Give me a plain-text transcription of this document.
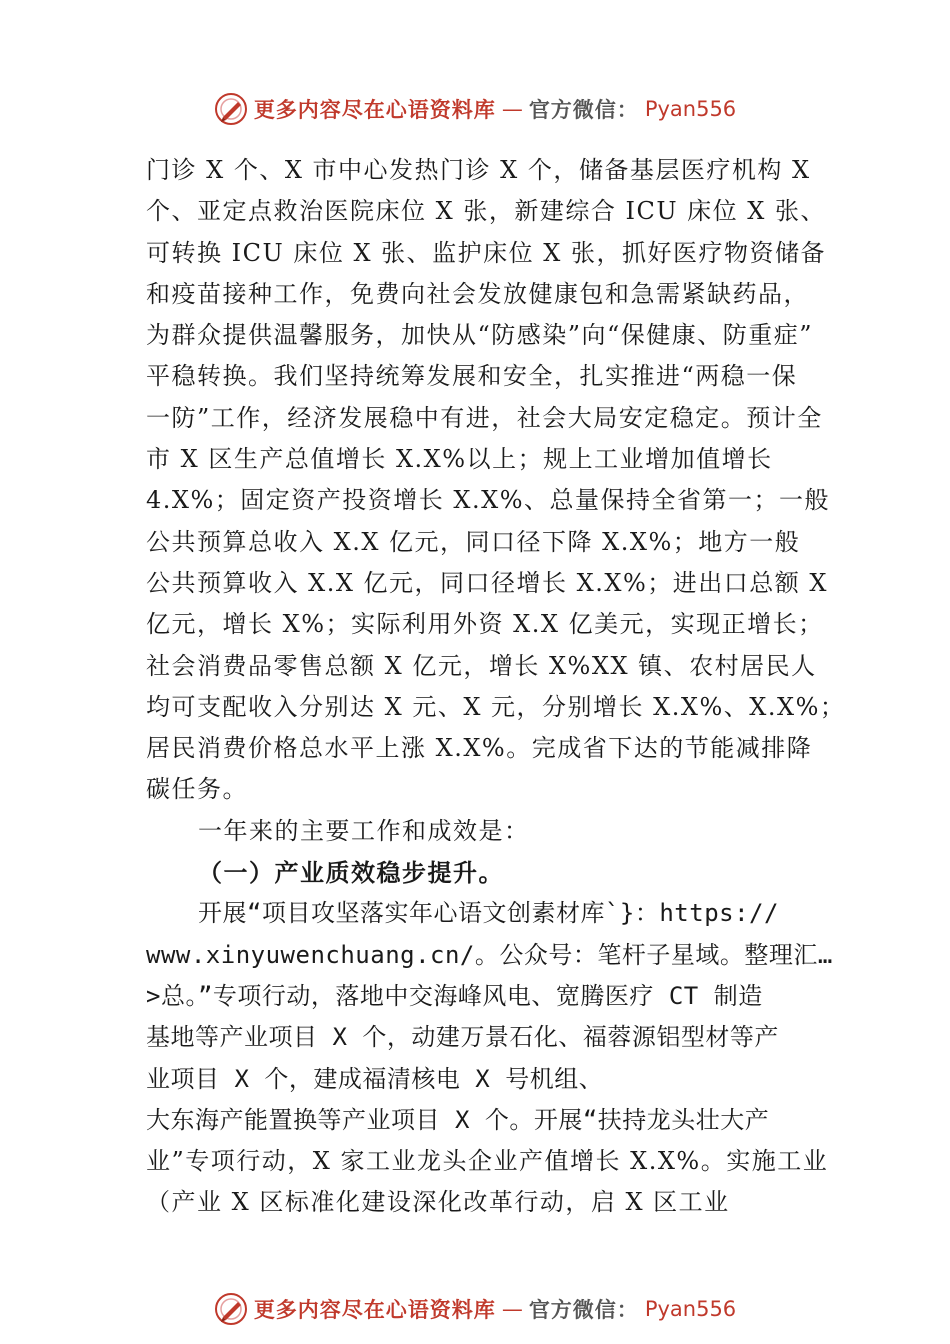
更多内容尽在心语资料库 — 官方微信： Pyan556
门诊 X 个、X 市中心发热门诊 X 个，储备基层医疗机构 X
个、亚定点救治医院床位 X 张，新建综合 ICU 床位 X 张、
可转换 ICU 床位 X 张、监护床位 X 张，抓好医疗物资储备
和疫苗接种工作，免费向社会发放健康包和急需紧缺药品，
为群众提供温馨服务，加快从“防感染”向“保健康、防重症”
平稳转换。我们坚持统筹发展和安全，扎实推进“两稳一保
一防”工作，经济发展稳中有进，社会大局安定稳定。预计全
市 X 区生产总值增长 X.X%以上；规上工业增加值增长
4.X%；固定资产投资增长 X.X%、总量保持全省第一；一般
公共预算总收入 X.X 亿元，同口径下降 X.X%；地方一般
公共预算收入 X.X 亿元，同口径增长 X.X%；进出口总额 X
亿元，增长 X%；实际利用外资 X.X 亿美元，实现正增长；
社会消费品零售总额 X 亿元，增长 X%XX 镇、农村居民人
均可支配收入分别达 X 元、X 元，分别增长 X.X%、X.X%；
居民消费价格总水平上涨 X.X%。完成省下达的节能减排降
碳任务。
一年来的主要工作和成效是：
（一）产业质效稳步提升。
开展“项目攻坚落实年心语文创素材库`}：https://
www.xinyuwenchuang.cn/。公众号：笔杆子星域。整理汇…
>总。”专项行动，落地中交海峰风电、宽腾医疗 CT 制造
基地等产业项目 X 个，动建万景石化、福蓉源铝型材等产
业项目 X 个，建成福清核电 X 号机组、
大东海产能置换等产业项目 X 个。开展“扶持龙头壮大产
业”专项行动，X 家工业龙头企业产值增长 X.X%。实施工业
（产业 X 区标准化建设深化改革行动，启 X 区工业
更多内容尽在心语资料库 — 官方微信： Pyan556
